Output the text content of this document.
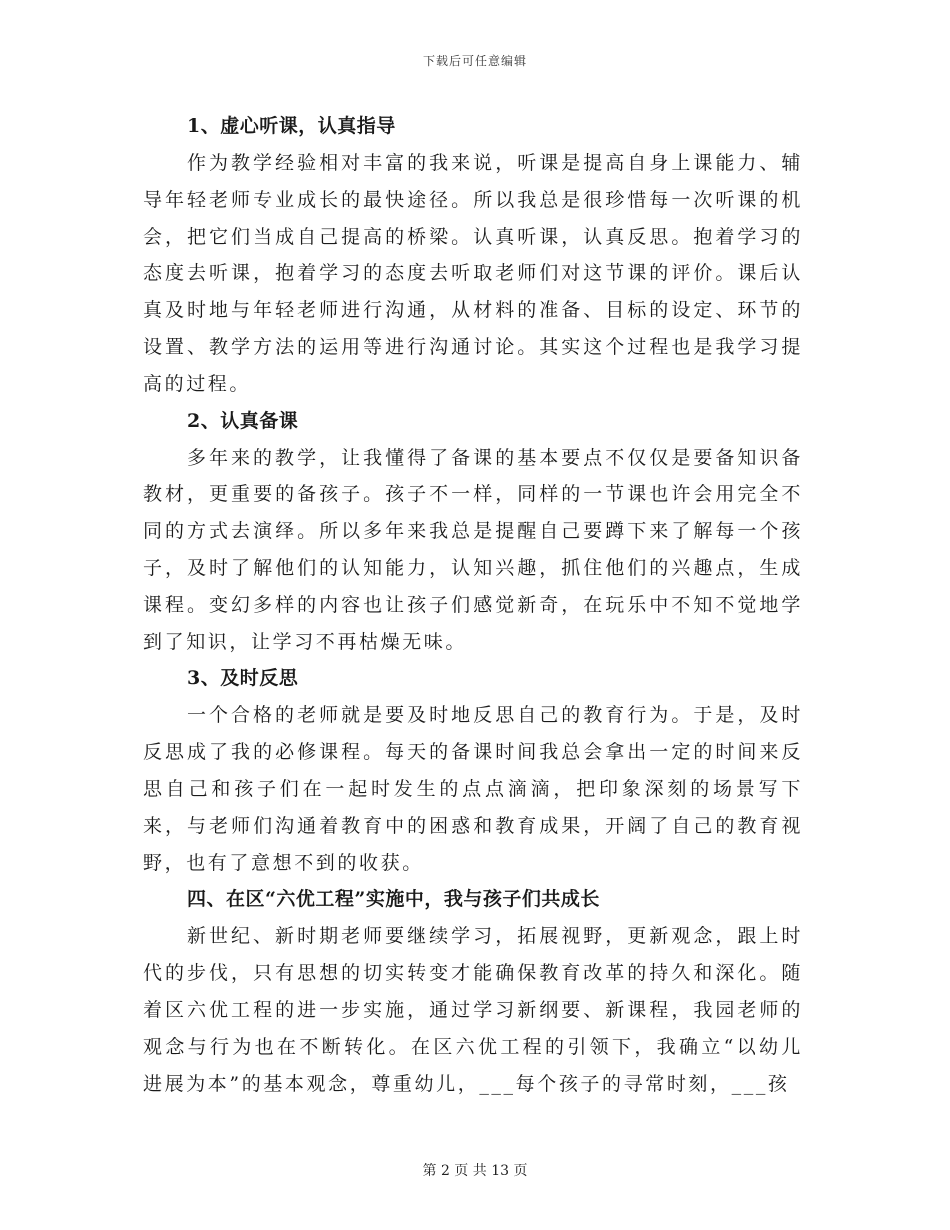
下载后可任意编辑
1、虚心听课，认真指导

作为教学经验相对丰富的我来说，听课是提高自身上课能力、辅导年轻老师专业成长的最快途径。所以我总是很珍惜每一次听课的机会，把它们当成自己提高的桥梁。认真听课，认真反思。抱着学习的态度去听课，抱着学习的态度去听取老师们对这节课的评价。课后认真及时地与年轻老师进行沟通，从材料的准备、目标的设定、环节的设置、教学方法的运用等进行沟通讨论。其实这个过程也是我学习提高的过程。

2、认真备课

多年来的教学，让我懂得了备课的基本要点不仅仅是要备知识备教材，更重要的备孩子。孩子不一样，同样的一节课也许会用完全不同的方式去演绎。所以多年来我总是提醒自己要蹲下来了解每一个孩子，及时了解他们的认知能力，认知兴趣，抓住他们的兴趣点，生成课程。变幻多样的内容也让孩子们感觉新奇，在玩乐中不知不觉地学到了知识，让学习不再枯燥无味。

3、及时反思

一个合格的老师就是要及时地反思自己的教育行为。于是，及时反思成了我的必修课程。每天的备课时间我总会拿出一定的时间来反思自己和孩子们在一起时发生的点点滴滴，把印象深刻的场景写下来，与老师们沟通着教育中的困惑和教育成果，开阔了自己的教育视野，也有了意想不到的收获。

四、在区“六优工程”实施中，我与孩子们共成长

新世纪、新时期老师要继续学习，拓展视野，更新观念，跟上时代的步伐，只有思想的切实转变才能确保教育改革的持久和深化。随着区六优工程的进一步实施，通过学习新纲要、新课程，我园老师的观念与行为也在不断转化。在区六优工程的引领下，我确立“以幼儿进展为本”的基本观念，尊重幼儿，___每个孩子的寻常时刻，___孩

第 2 页 共 13 页
